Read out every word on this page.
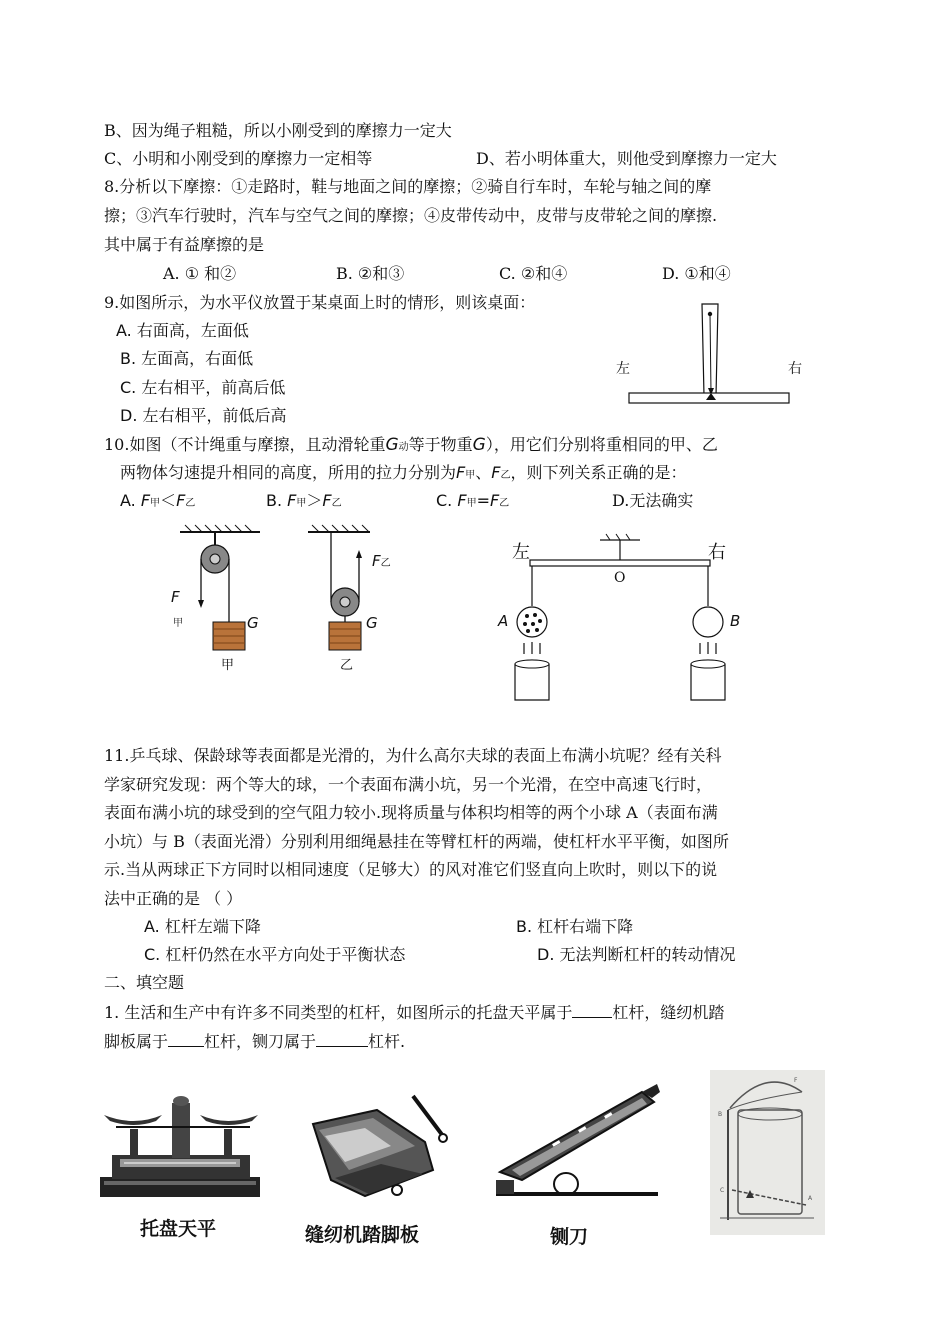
B、因为绳子粗糙，所以小刚受到的摩擦力一定大
C、小明和小刚受到的摩擦力一定相等	D、若小明体重大，则他受到摩擦力一定大
8.分析以下摩擦：①走路时，鞋与地面之间的摩擦；②骑自行车时，车轮与轴之间的摩
擦；③汽车行驶时，汽车与空气之间的摩擦；④皮带传动中，皮带与皮带轮之间的摩擦.
其中属于有益摩擦的是
A. ① 和②	B. ②和③	C. ②和④	D. ①和④
9.如图所示，为水平仪放置于某桌面上时的情形，则该桌面：
A. 右面高，左面低
B. 左面高，右面低
C. 左右相平，前高后低
D. 左右相平，前低后高
左	右
10.如图（不计绳重与摩擦，且动滑轮重G动等于物重G），用它们分别将重相同的甲、乙
两物体匀速提升相同的高度，所用的拉力分别为F甲、F乙，则下列关系正确的是：
A. F甲＜F乙	B. F甲＞F乙	C. F甲=F乙	D.无法确实
F
甲	G
甲
F乙
G
乙
左	右
O
A	B
11.乒乓球、保龄球等表面都是光滑的，为什么高尔夫球的表面上布满小坑呢？经有关科
学家研究发现：两个等大的球，一个表面布满小坑，另一个光滑，在空中高速飞行时，
表面布满小坑的球受到的空气阻力较小.现将质量与体积均相等的两个小球 A（表面布满
小坑）与 B（表面光滑）分别利用细绳悬挂在等臂杠杆的两端，使杠杆水平平衡，如图所
示.当从两球正下方同时以相同速度（足够大）的风对准它们竖直向上吹时，则以下的说
法中正确的是 （ ）
A. 杠杆左端下降	B. 杠杆右端下降
C. 杠杆仍然在水平方向处于平衡状态	D. 无法判断杠杆的转动情况
二、填空题
1. 生活和生产中有许多不同类型的杠杆，如图所示的托盘天平属于	杠杆，缝纫机踏
脚板属于 杠杆，铡刀属于	杠杆.
托盘天平	缝纫机踏脚板	铡刀
B
C
A
F
